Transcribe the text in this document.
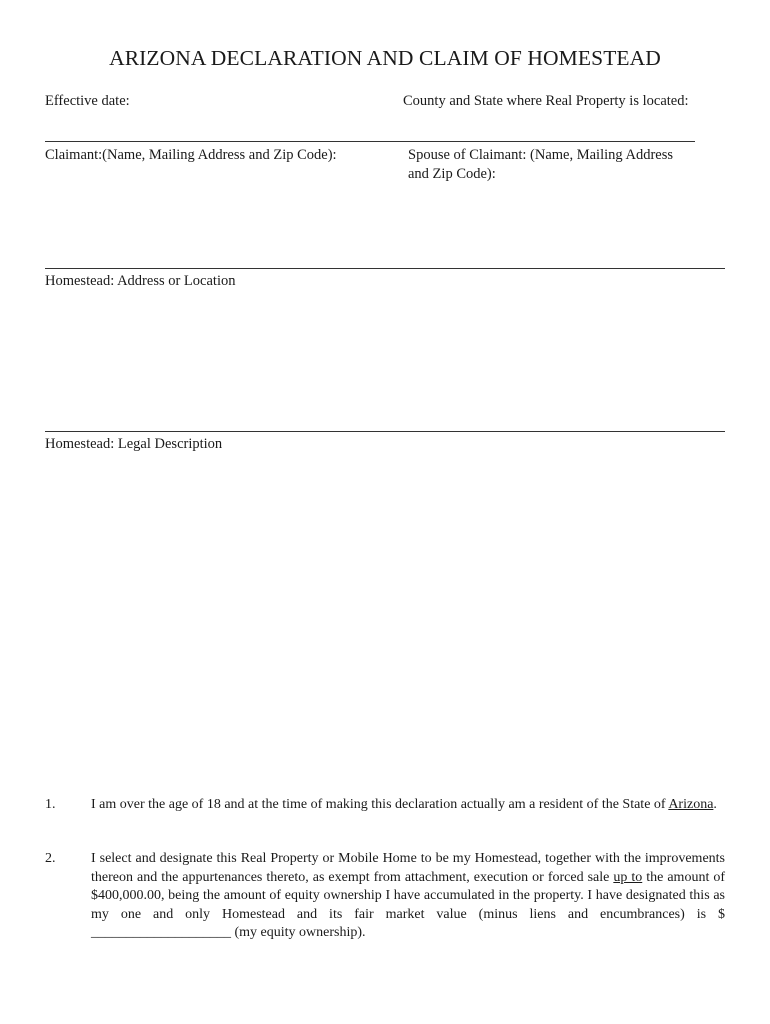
ARIZONA DECLARATION AND CLAIM OF HOMESTEAD
Effective date:	County and State where Real Property is located:
Claimant:(Name, Mailing Address and Zip Code):	Spouse of Claimant: (Name, Mailing Address
and Zip Code):
Homestead: Address or Location
Homestead: Legal Description
1.	I am over the age of 18 and at the time of making this declaration actually am a resident of the State of Arizona.
2.	I select and designate this Real Property or Mobile Home to be my Homestead, together with the improvements thereon and the appurtenances thereto, as exempt from attachment, execution or forced sale up to the amount of $400,000.00, being the amount of equity ownership I have accumulated in the property. I have designated this as my one and only Homestead and its fair market value (minus liens and encumbrances) is $ ____________________ (my equity ownership).
